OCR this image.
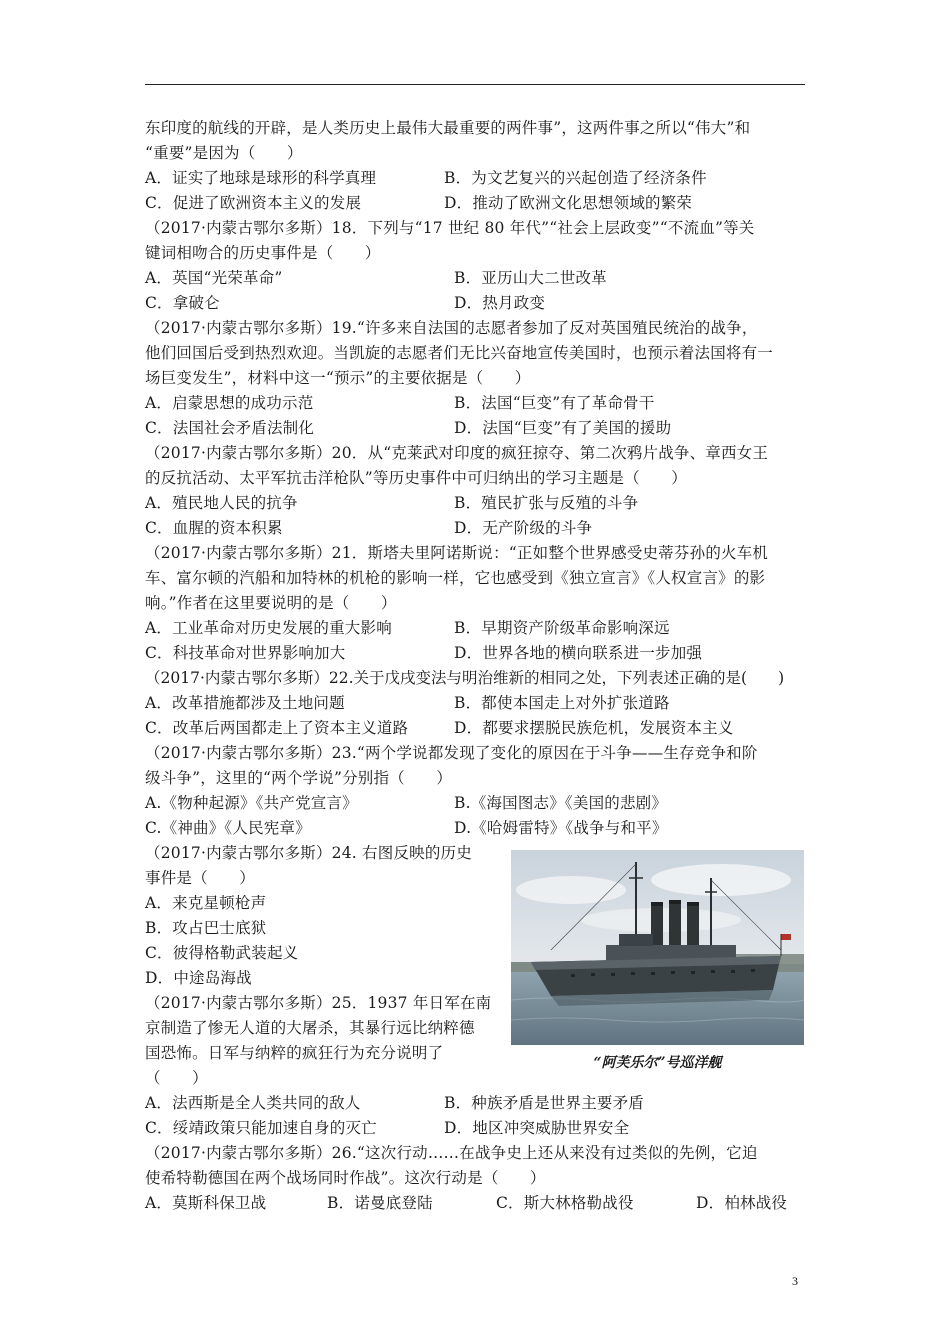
东印度的航线的开辟，是人类历史上最伟大最重要的两件事”，这两件事之所以“伟大”和
“重要”是因为（　　）
A．证实了地球是球形的科学真理	B．为文艺复兴的兴起创造了经济条件
C．促进了欧洲资本主义的发展	D．推动了欧洲文化思想领域的繁荣
（2017·内蒙古鄂尔多斯）18．下列与“17 世纪 80 年代”“社会上层政变”“不流血”等关
键词相吻合的历史事件是（　　）
A．英国“光荣革命”	B．亚历山大二世改革
C．拿破仑	D．热月政变
（2017·内蒙古鄂尔多斯）19.“许多来自法国的志愿者参加了反对英国殖民统治的战争，
他们回国后受到热烈欢迎。当凯旋的志愿者们无比兴奋地宣传美国时，也预示着法国将有一
场巨变发生”，材料中这一“预示”的主要依据是（　　）
A．启蒙思想的成功示范	B．法国“巨变”有了革命骨干
C．法国社会矛盾法制化	D．法国“巨变”有了美国的援助
（2017·内蒙古鄂尔多斯）20．从“克莱武对印度的疯狂掠夺、第二次鸦片战争、章西女王
的反抗活动、太平军抗击洋枪队”等历史事件中可归纳出的学习主题是（　　）
A．殖民地人民的抗争	B．殖民扩张与反殖的斗争
C．血腥的资本积累	D．无产阶级的斗争
（2017·内蒙古鄂尔多斯）21．斯塔夫里阿诺斯说：“正如整个世界感受史蒂芬孙的火车机
车、富尔顿的汽船和加特林的机枪的影响一样，它也感受到《独立宣言》《人权宣言》的影
响。”作者在这里要说明的是（　　）
A．工业革命对历史发展的重大影响	B．早期资产阶级革命影响深远
C．科技革命对世界影响加大	D．世界各地的横向联系进一步加强
（2017·内蒙古鄂尔多斯）22.关于戊戌变法与明治维新的相同之处，下列表述正确的是(　　)
A．改革措施都涉及土地问题	B．都使本国走上对外扩张道路
C．改革后两国都走上了资本主义道路	D．都要求摆脱民族危机，发展资本主义
（2017·内蒙古鄂尔多斯）23.“两个学说都发现了变化的原因在于斗争——生存竞争和阶
级斗争”，这里的“两个学说”分别指（　　）
A.《物种起源》《共产党宣言》	B.《海国图志》《美国的悲剧》
C.《神曲》《人民宪章》	D.《哈姆雷特》《战争与和平》
（2017·内蒙古鄂尔多斯）24. 右图反映的历史
事件是（　　）
A．来克星顿枪声
B．攻占巴士底狱
C．彼得格勒武装起义
D．中途岛海战
（2017·内蒙古鄂尔多斯）25．1937 年日军在南
京制造了惨无人道的大屠杀，其暴行远比纳粹德
国恐怖。日军与纳粹的疯狂行为充分说明了
（　　）
A．法西斯是全人类共同的敌人	B．种族矛盾是世界主要矛盾
C．绥靖政策只能加速自身的灭亡	D．地区冲突威胁世界安全
（2017·内蒙古鄂尔多斯）26.“这次行动……在战争史上还从来没有过类似的先例，它迫
使希特勒德国在两个战场同时作战”。这次行动是（　　）
A．莫斯科保卫战	B．诺曼底登陆	C．斯大林格勒战役	D．柏林战役
“阿芙乐尔”号巡洋舰
3
